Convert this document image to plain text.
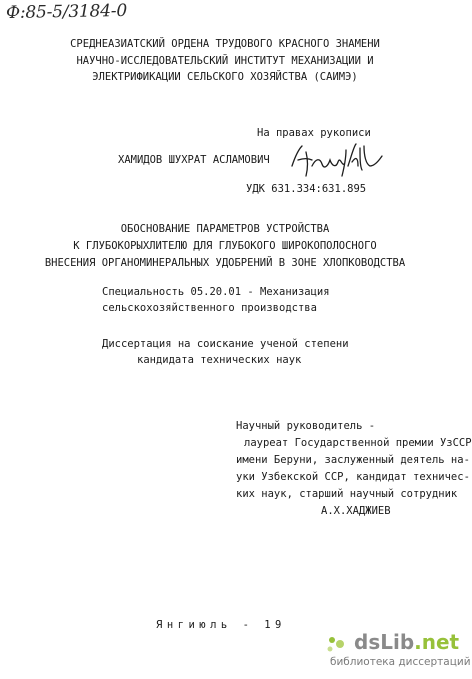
Ф:85-5/3184-0
СРЕДНЕАЗИАТСКИЙ ОРДЕНА ТРУДОВОГО КРАСНОГО ЗНАМЕНИ
НАУЧНО-ИССЛЕДОВАТЕЛЬСКИЙ ИНСТИТУТ МЕХАНИЗАЦИИ И
ЭЛЕКТРИФИКАЦИИ СЕЛЬСКОГО ХОЗЯЙСТВА (САИМЭ)
На правах рукописи
ХАМИДОВ ШУХРАТ АСЛАМОВИЧ
УДК 631.334:631.895
ОБОСНОВАНИЕ ПАРАМЕТРОВ УСТРОЙСТВА
К ГЛУБОКОРЫХЛИТЕЛЮ ДЛЯ ГЛУБОКОГО ШИРОКОПОЛОСНОГО
ВНЕСЕНИЯ ОРГАНОМИНЕРАЛЬНЫХ УДОБРЕНИЙ В ЗОНЕ ХЛОПКОВОДСТВА
Специальность 05.20.01 - Механизация
сельскохозяйственного производства
Диссертация на соискание ученой степени
кандидата технических наук
Научный руководитель -
лауреат Государственной премии УзССР
имени Беруни, заслуженный деятель на-
уки Узбекской ССР, кандидат техничес-
ких наук, старший научный сотрудник
А.Х.ХАДЖИЕВ
Янгиюль - 19
dsLib.net
библиотека диссертаций
